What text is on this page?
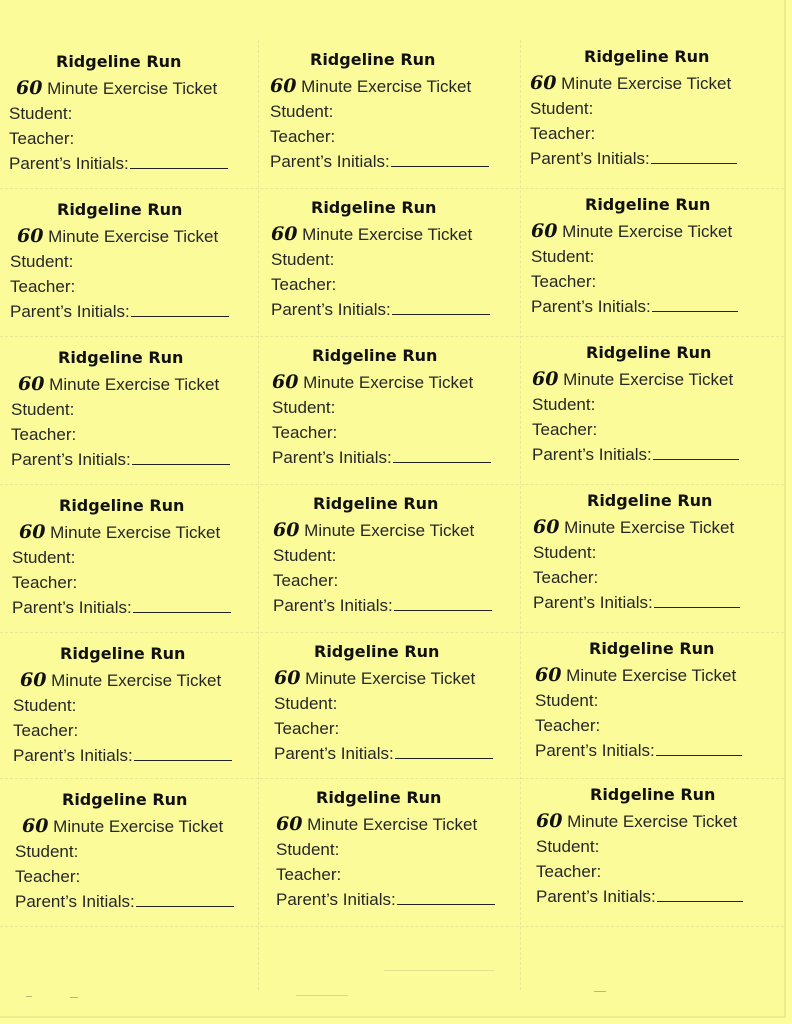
Ridgeline Run
60 Minute Exercise Ticket
Student:
Teacher:
Parent’s Initials:
Ridgeline Run
60 Minute Exercise Ticket
Student:
Teacher:
Parent’s Initials:
Ridgeline Run
60 Minute Exercise Ticket
Student:
Teacher:
Parent’s Initials:
Ridgeline Run
60 Minute Exercise Ticket
Student:
Teacher:
Parent’s Initials:
Ridgeline Run
60 Minute Exercise Ticket
Student:
Teacher:
Parent’s Initials:
Ridgeline Run
60 Minute Exercise Ticket
Student:
Teacher:
Parent’s Initials:
Ridgeline Run
60 Minute Exercise Ticket
Student:
Teacher:
Parent’s Initials:
Ridgeline Run
60 Minute Exercise Ticket
Student:
Teacher:
Parent’s Initials:
Ridgeline Run
60 Minute Exercise Ticket
Student:
Teacher:
Parent’s Initials:
Ridgeline Run
60 Minute Exercise Ticket
Student:
Teacher:
Parent’s Initials:
Ridgeline Run
60 Minute Exercise Ticket
Student:
Teacher:
Parent’s Initials:
Ridgeline Run
60 Minute Exercise Ticket
Student:
Teacher:
Parent’s Initials:
Ridgeline Run
60 Minute Exercise Ticket
Student:
Teacher:
Parent’s Initials:
Ridgeline Run
60 Minute Exercise Ticket
Student:
Teacher:
Parent’s Initials:
Ridgeline Run
60 Minute Exercise Ticket
Student:
Teacher:
Parent’s Initials:
Ridgeline Run
60 Minute Exercise Ticket
Student:
Teacher:
Parent’s Initials:
Ridgeline Run
60 Minute Exercise Ticket
Student:
Teacher:
Parent’s Initials:
Ridgeline Run
60 Minute Exercise Ticket
Student:
Teacher:
Parent’s Initials:
